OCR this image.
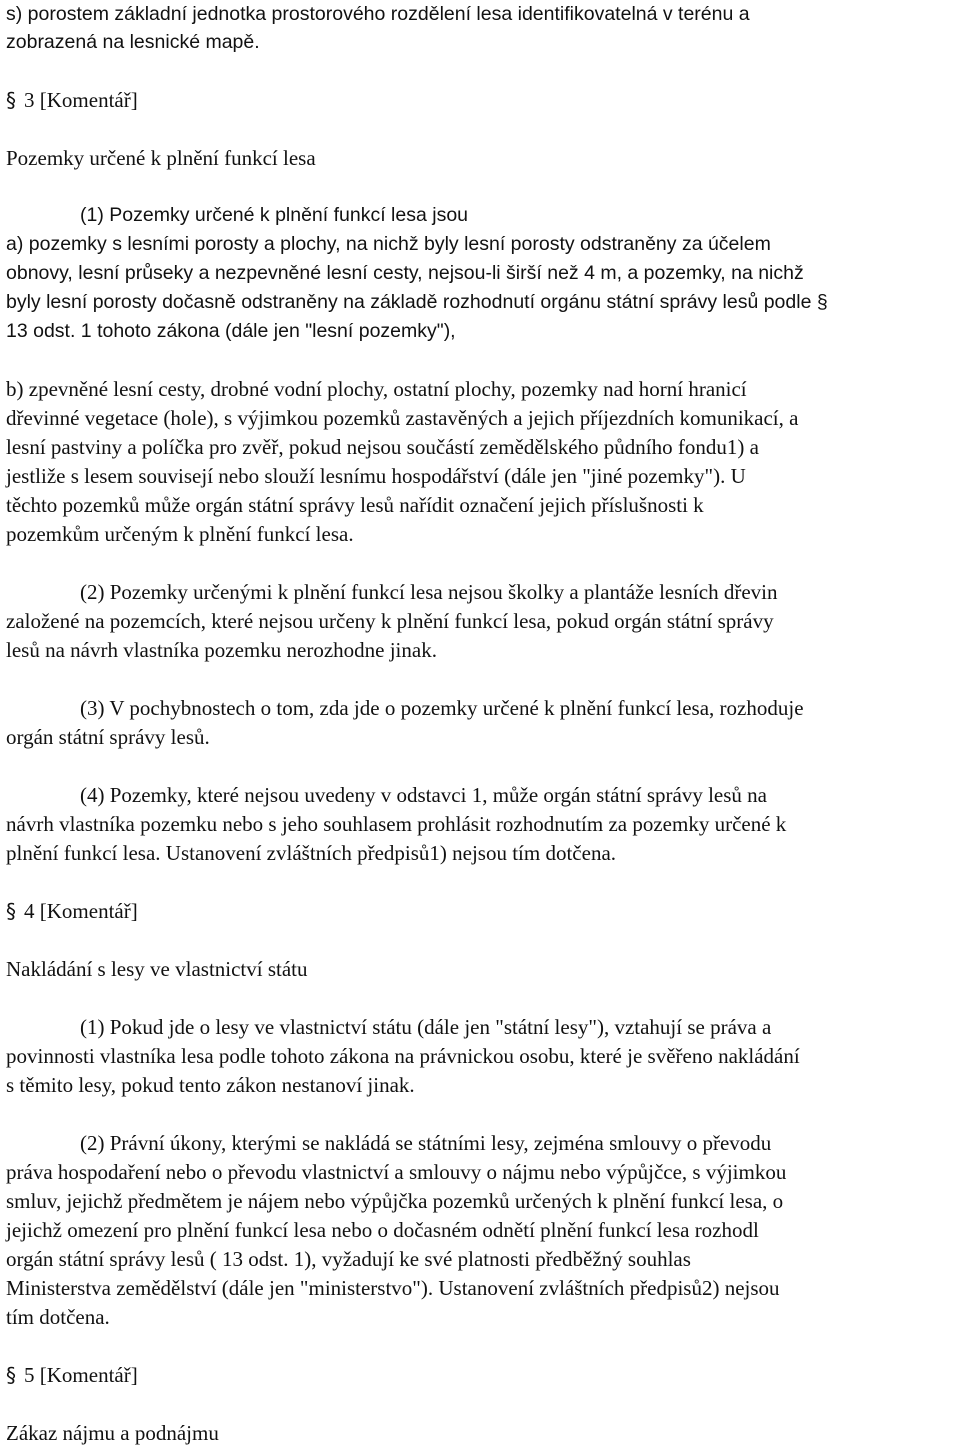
s) porostem základní jednotka prostorového rozdělení lesa identifikovatelná v terénu a
zobrazená na lesnické mapě.
§ 3 [Komentář]
Pozemky určené k plnění funkcí lesa
(1) Pozemky určené k plnění funkcí lesa jsou
a) pozemky s lesními porosty a plochy, na nichž byly lesní porosty odstraněny za účelem
obnovy, lesní průseky a nezpevněné lesní cesty, nejsou-li širší než 4 m, a pozemky, na nichž
byly lesní porosty dočasně odstraněny na základě rozhodnutí orgánu státní správy lesů podle §
13 odst. 1 tohoto zákona (dále jen "lesní pozemky"),
b) zpevněné lesní cesty, drobné vodní plochy, ostatní plochy, pozemky nad horní hranicí
dřevinné vegetace (hole), s výjimkou pozemků zastavěných a jejich příjezdních komunikací, a
lesní pastviny a políčka pro zvěř, pokud nejsou součástí zemědělského půdního fondu1) a
jestliže s lesem souvisejí nebo slouží lesnímu hospodářství (dále jen "jiné pozemky"). U
těchto pozemků může orgán státní správy lesů nařídit označení jejich příslušnosti k
pozemkům určeným k plnění funkcí lesa.
(2) Pozemky určenými k plnění funkcí lesa nejsou školky a plantáže lesních dřevin
založené na pozemcích, které nejsou určeny k plnění funkcí lesa, pokud orgán státní správy
lesů na návrh vlastníka pozemku nerozhodne jinak.
(3) V pochybnostech o tom, zda jde o pozemky určené k plnění funkcí lesa, rozhoduje
orgán státní správy lesů.
(4) Pozemky, které nejsou uvedeny v odstavci 1, může orgán státní správy lesů na
návrh vlastníka pozemku nebo s jeho souhlasem prohlásit rozhodnutím za pozemky určené k
plnění funkcí lesa. Ustanovení zvláštních předpisů1) nejsou tím dotčena.
§ 4 [Komentář]
Nakládání s lesy ve vlastnictví státu
(1) Pokud jde o lesy ve vlastnictví státu (dále jen "státní lesy"), vztahují se práva a
povinnosti vlastníka lesa podle tohoto zákona na právnickou osobu, které je svěřeno nakládání
s těmito lesy, pokud tento zákon nestanoví jinak.
(2) Právní úkony, kterými se nakládá se státními lesy, zejména smlouvy o převodu
práva hospodaření nebo o převodu vlastnictví a smlouvy o nájmu nebo výpůjčce, s výjimkou
smluv, jejichž předmětem je nájem nebo výpůjčka pozemků určených k plnění funkcí lesa, o
jejichž omezení pro plnění funkcí lesa nebo o dočasném odnětí plnění funkcí lesa rozhodl
orgán státní správy lesů ( 13 odst. 1), vyžadují ke své platnosti předběžný souhlas
Ministerstva zemědělství (dále jen "ministerstvo"). Ustanovení zvláštních předpisů2) nejsou
tím dotčena.
§ 5 [Komentář]
Zákaz nájmu a podnájmu
